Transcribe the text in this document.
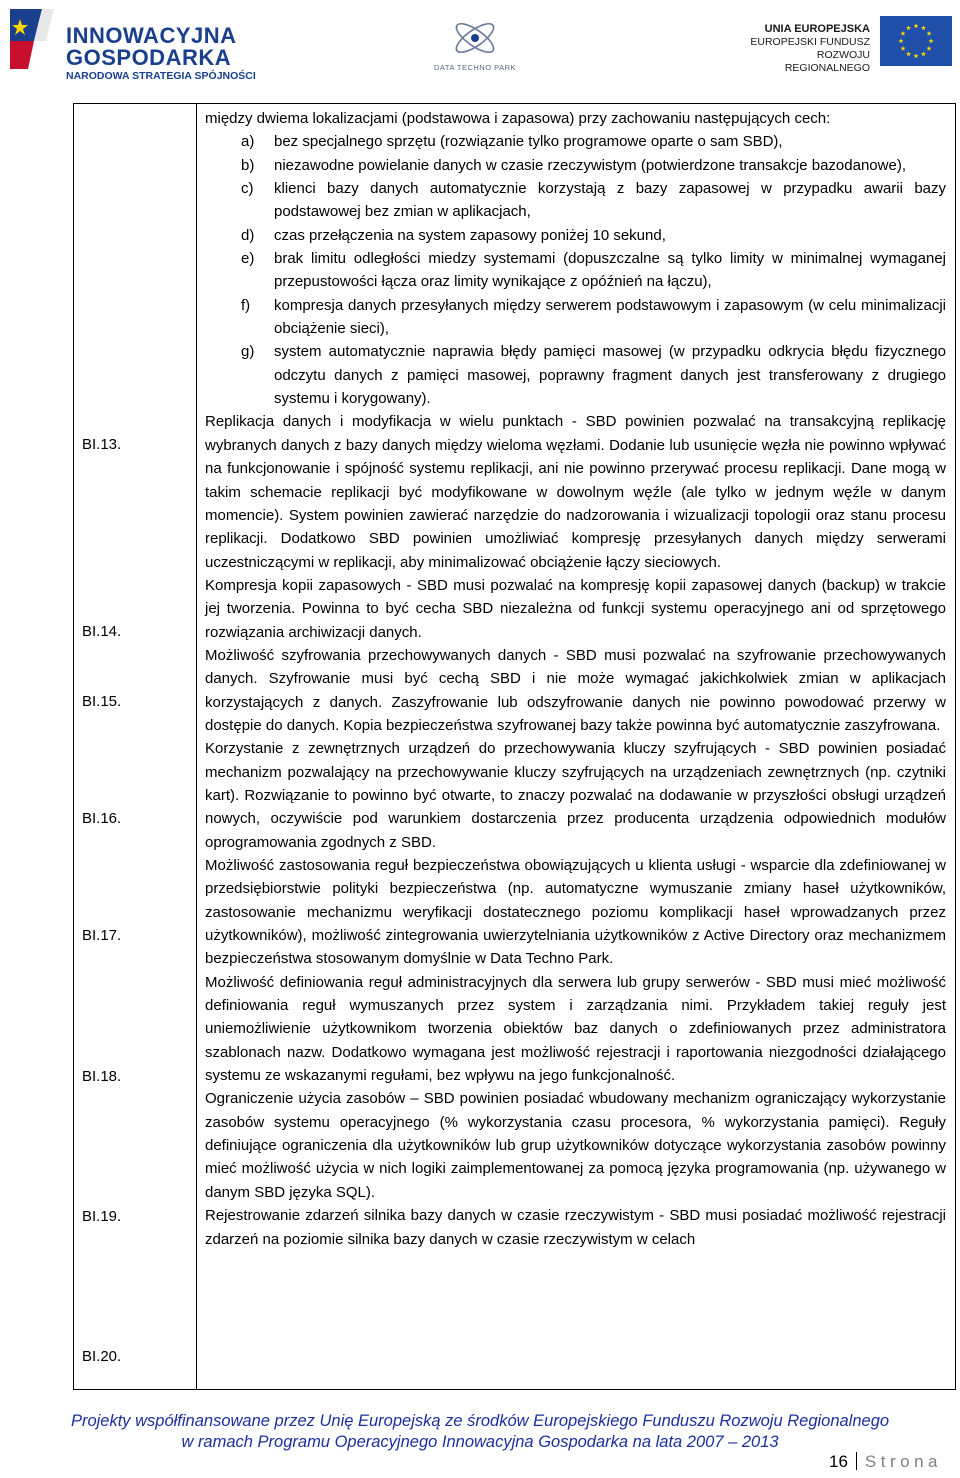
INNOWACYJNA
GOSPODARKA
NARODOWA STRATEGIA SPÓJNOŚCI
DATA TECHNO PARK
UNIA EUROPEJSKA
EUROPEJSKI FUNDUSZ
ROZWOJU REGIONALNEGO
BI.13.
BI.14.
BI.15.
BI.16.
BI.17.
BI.18.
BI.19.
BI.20.

między dwiema lokalizacjami (podstawowa i zapasowa) przy zachowaniu następujących cech:

a) bez specjalnego sprzętu (rozwiązanie tylko programowe oparte o sam SBD),
b) niezawodne powielanie danych w czasie rzeczywistym (potwierdzone transakcje bazodanowe),
c) klienci bazy danych automatycznie korzystają z bazy zapasowej w przypadku awarii bazy podstawowej bez zmian w aplikacjach,
d) czas przełączenia na system zapasowy poniżej 10 sekund,
e) brak limitu odległości miedzy systemami (dopuszczalne są tylko limity w minimalnej wymaganej przepustowości łącza oraz limity wynikające z opóźnień na łączu),
f) kompresja danych przesyłanych między serwerem podstawowym i zapasowym (w celu minimalizacji obciążenie sieci),
g) system automatycznie naprawia błędy pamięci masowej (w przypadku odkrycia błędu fizycznego odczytu danych z pamięci masowej, poprawny fragment danych jest transferowany z drugiego systemu i korygowany).

Replikacja danych i modyfikacja w wielu punktach - SBD powinien pozwalać na transakcyjną replikację wybranych danych z bazy danych między wieloma węzłami. Dodanie lub usunięcie węzła nie powinno wpływać na funkcjonowanie i spójność systemu replikacji, ani nie powinno przerywać procesu replikacji. Dane mogą w takim schemacie replikacji być modyfikowane w dowolnym węźle (ale tylko w jednym węźle w danym momencie). System powinien zawierać narzędzie do nadzorowania i wizualizacji topologii oraz stanu procesu replikacji. Dodatkowo SBD powinien umożliwiać kompresję przesyłanych danych między serwerami uczestniczącymi w replikacji, aby minimalizować obciążenie łączy sieciowych.

Kompresja kopii zapasowych - SBD musi pozwalać na kompresję kopii zapasowej danych (backup) w trakcie jej tworzenia. Powinna to być cecha SBD niezależna od funkcji systemu operacyjnego ani od sprzętowego rozwiązania archiwizacji danych.

Możliwość szyfrowania przechowywanych danych - SBD musi pozwalać na szyfrowanie przechowywanych danych. Szyfrowanie musi być cechą SBD i nie może wymagać jakichkolwiek zmian w aplikacjach korzystających z danych. Zaszyfrowanie lub odszyfrowanie danych nie powinno powodować przerwy w dostępie do danych. Kopia bezpieczeństwa szyfrowanej bazy także powinna być automatycznie zaszyfrowana.

Korzystanie z zewnętrznych urządzeń do przechowywania kluczy szyfrujących - SBD powinien posiadać mechanizm pozwalający na przechowywanie kluczy szyfrujących na urządzeniach zewnętrznych (np. czytniki kart). Rozwiązanie to powinno być otwarte, to znaczy pozwalać na dodawanie w przyszłości obsługi urządzeń nowych, oczywiście pod warunkiem dostarczenia przez producenta urządzenia odpowiednich modułów oprogramowania zgodnych z SBD.

Możliwość zastosowania reguł bezpieczeństwa obowiązujących u klienta usługi - wsparcie dla zdefiniowanej w przedsiębiorstwie polityki bezpieczeństwa (np. automatyczne wymuszanie zmiany haseł użytkowników, zastosowanie mechanizmu weryfikacji dostatecznego poziomu komplikacji haseł wprowadzanych przez użytkowników), możliwość zintegrowania uwierzytelniania użytkowników z Active Directory oraz mechanizmem bezpieczeństwa stosowanym domyślnie w Data Techno Park.

Możliwość definiowania reguł administracyjnych dla serwera lub grupy serwerów - SBD musi mieć możliwość definiowania reguł wymuszanych przez system i zarządzania nimi. Przykładem takiej reguły jest uniemożliwienie użytkownikom tworzenia obiektów baz danych o zdefiniowanych przez administratora szablonach nazw. Dodatkowo wymagana jest możliwość rejestracji i raportowania niezgodności działającego systemu ze wskazanymi regułami, bez wpływu na jego funkcjonalność.

Ograniczenie użycia zasobów – SBD powinien posiadać wbudowany mechanizm ograniczający wykorzystanie zasobów systemu operacyjnego (% wykorzystania czasu procesora, % wykorzystania pamięci). Reguły definiujące ograniczenia dla użytkowników lub grup użytkowników dotyczące wykorzystania zasobów powinny mieć możliwość użycia w nich logiki zaimplementowanej za pomocą języka programowania (np. używanego w danym SBD języka SQL).

Rejestrowanie zdarzeń silnika bazy danych w czasie rzeczywistym - SBD musi posiadać możliwość rejestracji zdarzeń na poziomie silnika bazy danych w czasie rzeczywistym w celach

Projekty współfinansowane przez Unię Europejską ze środków Europejskiego Funduszu Rozwoju Regionalnego
w ramach Programu Operacyjnego Innowacyjna Gospodarka na lata 2007 – 2013
16 Strona
